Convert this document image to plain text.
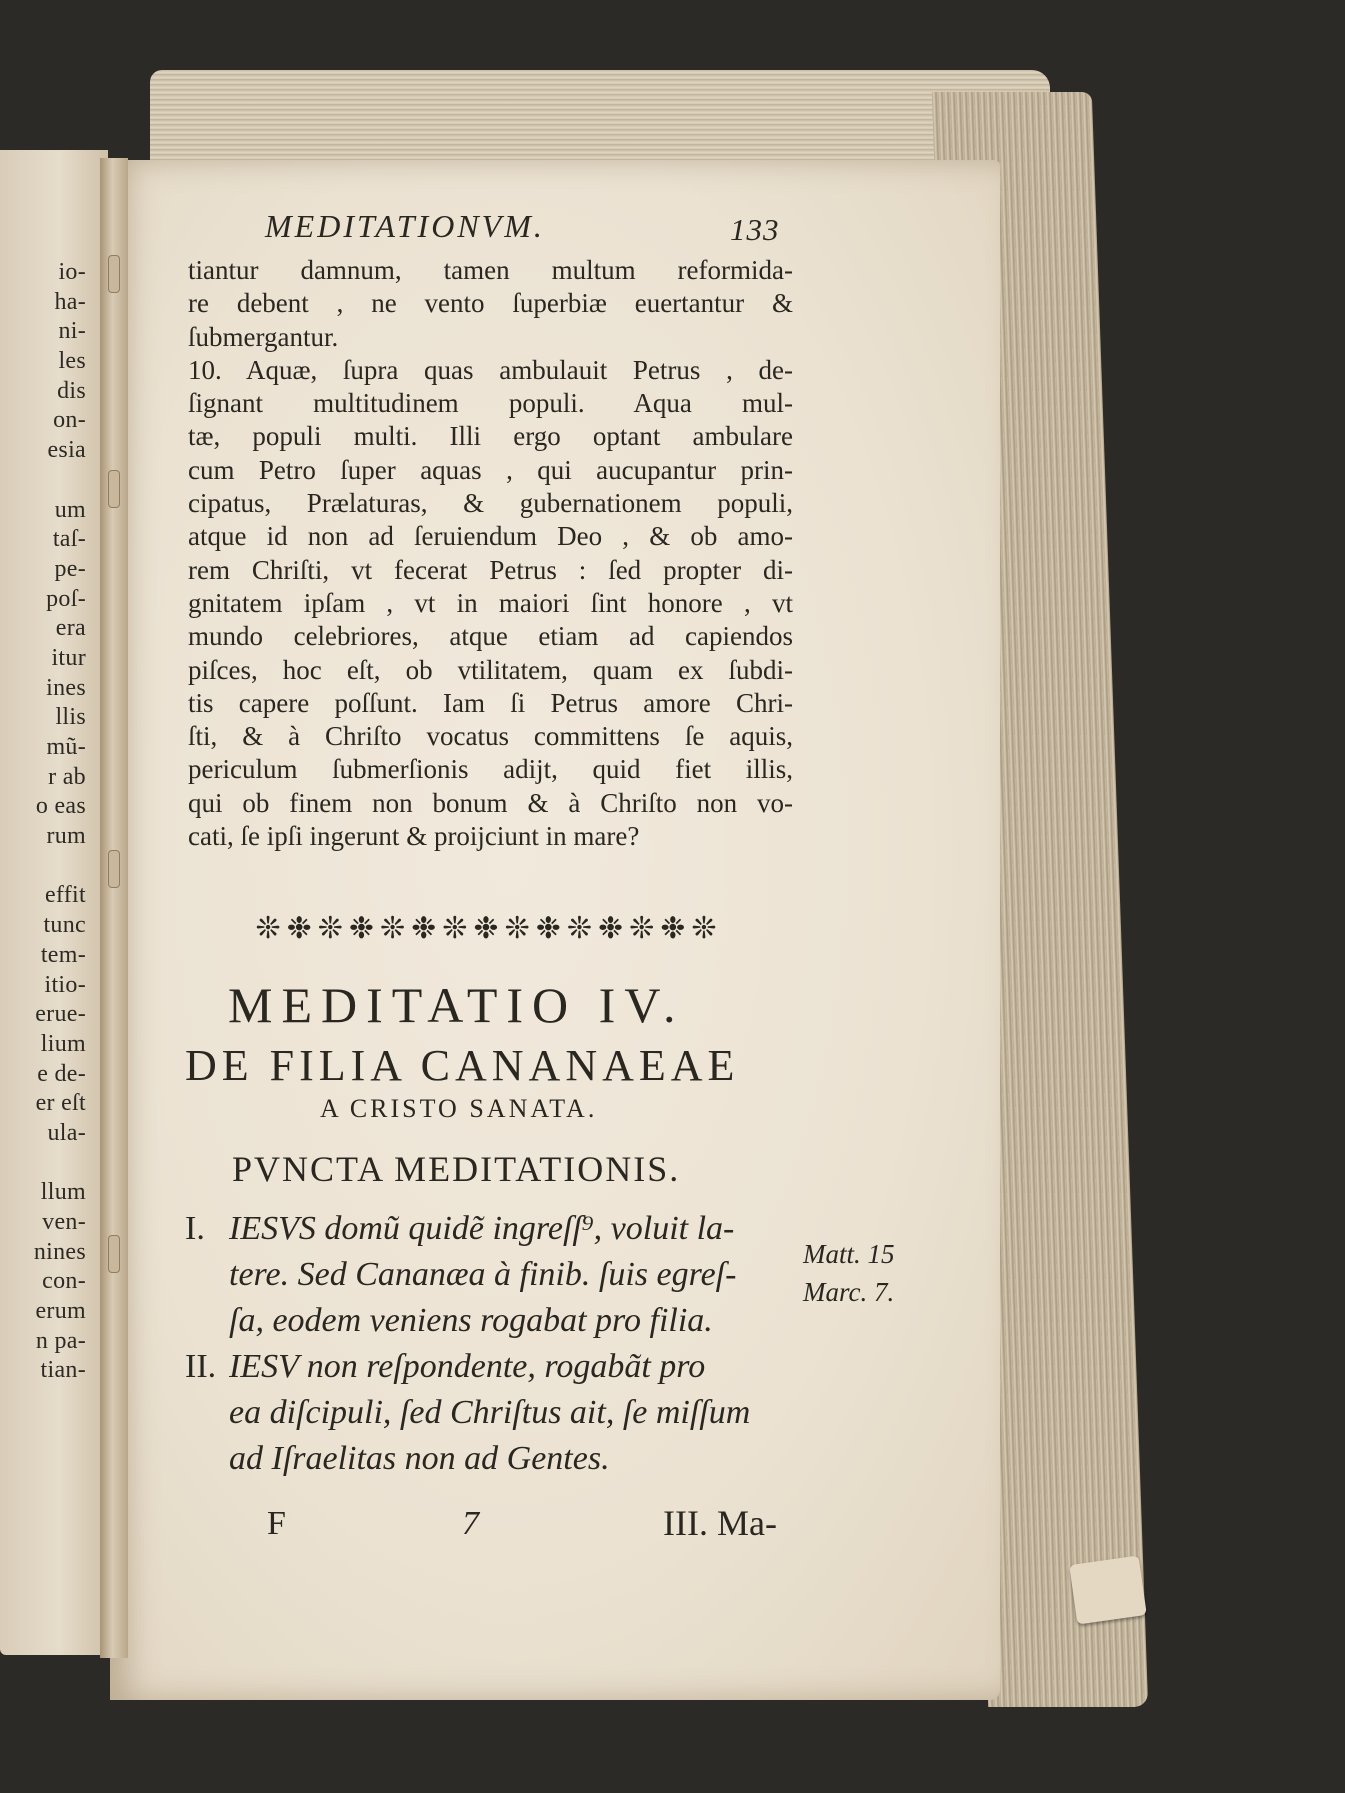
io-
ha-
ni-
les
dis
on-
esia
um
taſ-
pe-
poſ-
era
itur
ines
llis
mũ-
r ab
o eas
rum
effit
tunc
tem-
itio-
erue-
lium
e de-
er eſt
ula-
llum
ven-
nines
con-
erum
n pa-
tian-
MEDITATIONVM.	133
tiantur damnum, tamen multum reformida-
re debent , ne vento ſuperbiæ euertantur &
ſubmergantur.
10. Aquæ, ſupra quas ambulauit Petrus , de-
ſignant multitudinem populi. Aqua mul-
tæ, populi multi. Illi ergo optant ambulare
cum Petro ſuper aquas , qui aucupantur prin-
cipatus, Prælaturas, & gubernationem populi,
atque id non ad ſeruiendum Deo , & ob amo-
rem Chriſti, vt fecerat Petrus : ſed propter di-
gnitatem ipſam , vt in maiori ſint honore , vt
mundo celebriores, atque etiam ad capiendos
piſces, hoc eſt, ob vtilitatem, quam ex ſubdi-
tis capere poſſunt. Iam ſi Petrus amore Chri-
ſti, & à Chriſto vocatus committens ſe aquis,
periculum ſubmerſionis adijt, quid fiet illis,
qui ob finem non bonum & à Chriſto non vo-
cati, ſe ipſi ingerunt & proijciunt in mare?
❊❉❊❉❊❉❊❉❊❉❊❉❊❉❊
MEDITATIO IV.
DE FILIA CANANAEAE
A CRISTO SANATA.
PVNCTA MEDITATIONIS.
I. IESVS domũ quidẽ ingreſſ⁹, voluit la-
tere. Sed Cananæa à finib. ſuis egreſ-
ſa, eodem veniens rogabat pro filia.
II. IESV non reſpondente, rogabãt pro
ea diſcipuli, ſed Chriſtus ait, ſe miſſum
ad Iſraelitas non ad Gentes.
Matt. 15
Marc. 7.
F	7	III. Ma-
